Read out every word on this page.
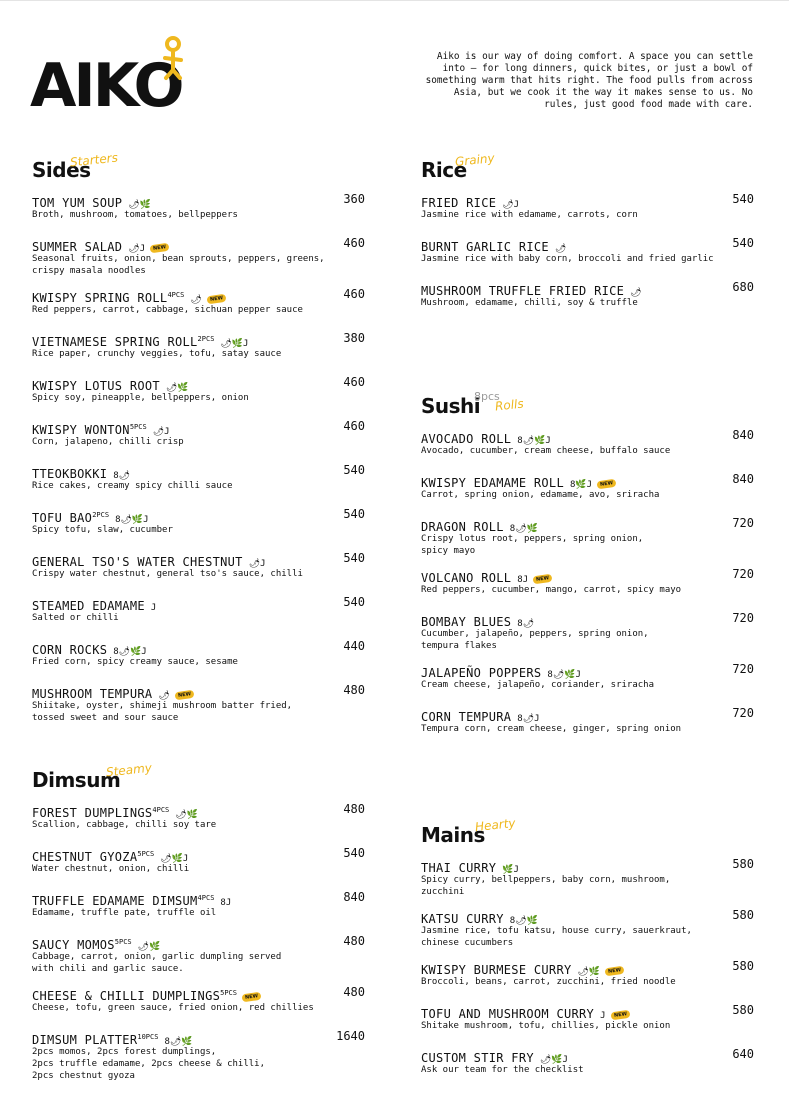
AIKO	Aiko is our way of doing comfort. A space you can settle into — for long dinners, quick bites, or just a bowl of something warm that hits right. The food pulls from across Asia, but we cook it the way it makes sense to us. No rules, just good food made with care.
Sides
Starters
TOM YUM SOUP 🌶🌿	360
Broth, mushroom, tomatoes, bellpeppers
SUMMER SALAD 🌶J NEW	460
Seasonal fruits, onion, bean sprouts, peppers, greens,
crispy masala noodles
KWISPY SPRING $ROLL^{4PCS}$ 🌶 NEW	460
Red peppers, carrot, cabbage, sichuan pepper sauce
VIETNAMESE SPRING $ROLL^{2PCS}$ 🌶🌿J	380
Rice paper, crunchy veggies, tofu, satay sauce
KWISPY LOTUS ROOT 🌶🌿	460
Spicy soy, pineapple, bellpeppers, onion
KWISPY $WONTON^{5PCS}$ 🌶J	460
Corn, jalapeno, chilli crisp
TTEOKBOKKI 8🌶	540
Rice cakes, creamy spicy chilli sauce
TOFU $BAO^{2PCS}$ 8🌶🌿J	540
Spicy tofu, slaw, cucumber
GENERAL TSO'S WATER CHESTNUT 🌶J	540
Crispy water chestnut, general tso's sauce, chilli
STEAMED EDAMAME J	540
Salted or chilli
CORN ROCKS 8🌶🌿J	440
Fried corn, spicy creamy sauce, sesame
MUSHROOM TEMPURA 🌶 NEW	480
Shiitake, oyster, shimeji mushroom batter fried,
tossed sweet and sour sauce
Dimsum
Steamy
FOREST $DUMPLINGS^{4PCS}$ 🌶🌿	480
Scallion, cabbage, chilli soy tare
CHESTNUT $GYOZA^{5PCS}$ 🌶🌿J	540
Water chestnut, onion, chilli
TRUFFLE EDAMAME $DIMSUM^{4PCS}$ 8J	840
Edamame, truffle pate, truffle oil
SAUCY $MOMOS^{5PCS}$ 🌶🌿	480
Cabbage, carrot, onion, garlic dumpling served
with chili and garlic sauce.
CHEESE & CHILLI $DUMPLINGS^{5PCS}$ NEW	480
Cheese, tofu, green sauce, fried onion, red chillies
DIMSUM $PLATTER^{10PCS}$ 8🌶🌿	1640
2pcs momos, 2pcs forest dumplings,
2pcs truffle edamame, 2pcs cheese & chilli,
2pcs chestnut gyoza
Rice
Grainy
FRIED RICE 🌶J	540
Jasmine rice with edamame, carrots, corn
BURNT GARLIC RICE 🌶	540
Jasmine rice with baby corn, broccoli and fried garlic
MUSHROOM TRUFFLE FRIED RICE 🌶	680
Mushroom, edamame, chilli, soy & truffle
Sushi
8pcs
Rolls
AVOCADO ROLL 8🌶🌿J	840
Avocado, cucumber, cream cheese, buffalo sauce
KWISPY EDAMAME ROLL 8🌿J NEW	840
Carrot, spring onion, edamame, avo, sriracha
DRAGON ROLL 8🌶🌿	720
Crispy lotus root, peppers, spring onion,
spicy mayo
VOLCANO ROLL 8J NEW	720
Red peppers, cucumber, mango, carrot, spicy mayo
BOMBAY BLUES 8🌶	720
Cucumber, jalapeño, peppers, spring onion,
tempura flakes
JALAPEÑO POPPERS 8🌶🌿J	720
Cream cheese, jalapeño, coriander, sriracha
CORN TEMPURA 8🌶J	720
Tempura corn, cream cheese, ginger, spring onion
Mains
Hearty
THAI CURRY 🌿J	580
Spicy curry, bellpeppers, baby corn, mushroom,
zucchini
KATSU CURRY 8🌶🌿	580
Jasmine rice, tofu katsu, house curry, sauerkraut,
chinese cucumbers
KWISPY BURMESE CURRY 🌶🌿 NEW	580
Broccoli, beans, carrot, zucchini, fried noodle
TOFU AND MUSHROOM CURRY J NEW	580
Shitake mushroom, tofu, chillies, pickle onion
CUSTOM STIR FRY 🌶🌿J	640
Ask our team for the checklist
